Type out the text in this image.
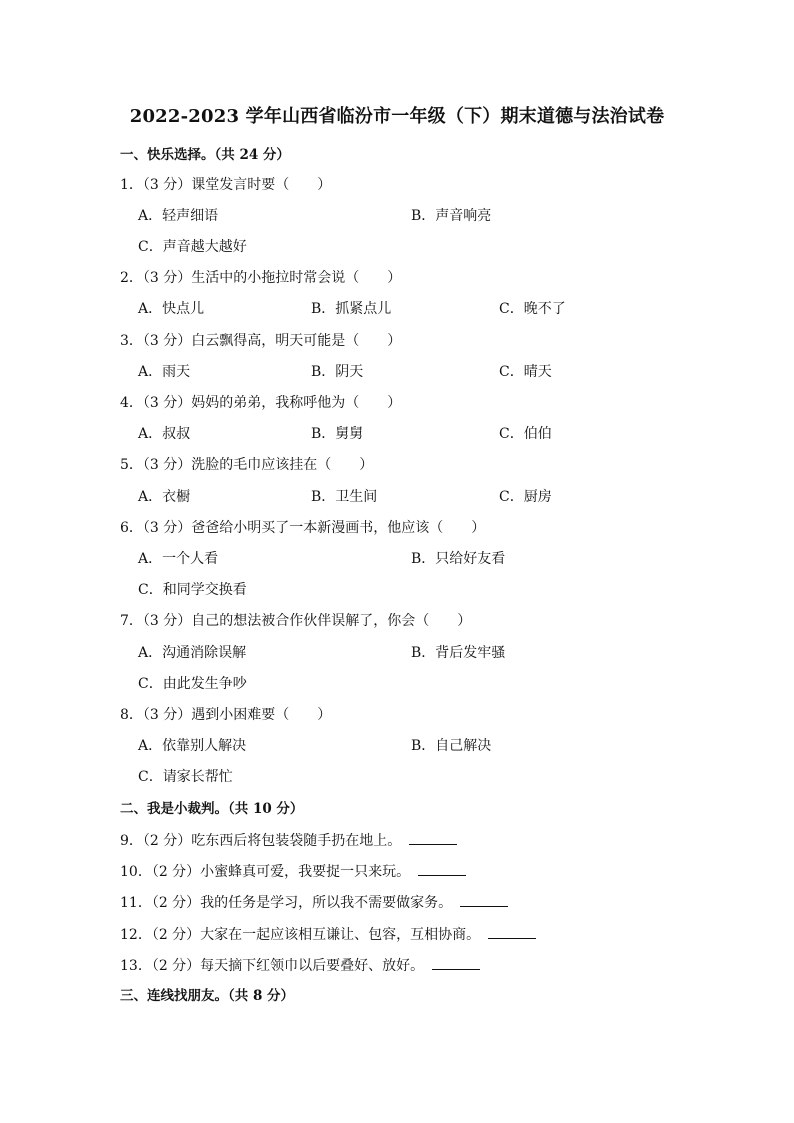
2022-2023 学年山西省临汾市一年级（下）期末道德与法治试卷
一、快乐选择。（共 24 分）
1．（3 分）课堂发言时要（　　）
A．轻声细语	B．声音响亮
C．声音越大越好
2．（3 分）生活中的小拖拉时常会说（　　）
A．快点儿	B．抓紧点儿	C．晚不了
3．（3 分）白云飘得高，明天可能是（　　）
A．雨天	B．阴天	C．晴天
4．（3 分）妈妈的弟弟，我称呼他为（　　）
A．叔叔	B．舅舅	C．伯伯
5．（3 分）洗脸的毛巾应该挂在（　　）
A．衣橱	B．卫生间	C．厨房
6．（3 分）爸爸给小明买了一本新漫画书，他应该（　　）
A．一个人看	B．只给好友看
C．和同学交换看
7．（3 分）自己的想法被合作伙伴误解了，你会（　　）
A．沟通消除误解	B．背后发牢骚
C．由此发生争吵
8．（3 分）遇到小困难要（　　）
A．依靠别人解决	B．自己解决
C．请家长帮忙
二、我是小裁判。（共 10 分）
9．（2 分）吃东西后将包装袋随手扔在地上。
10．（2 分）小蜜蜂真可爱，我要捉一只来玩。
11．（2 分）我的任务是学习，所以我不需要做家务。
12．（2 分）大家在一起应该相互谦让、包容，互相协商。
13．（2 分）每天摘下红领巾以后要叠好、放好。
三、连线找朋友。（共 8 分）
